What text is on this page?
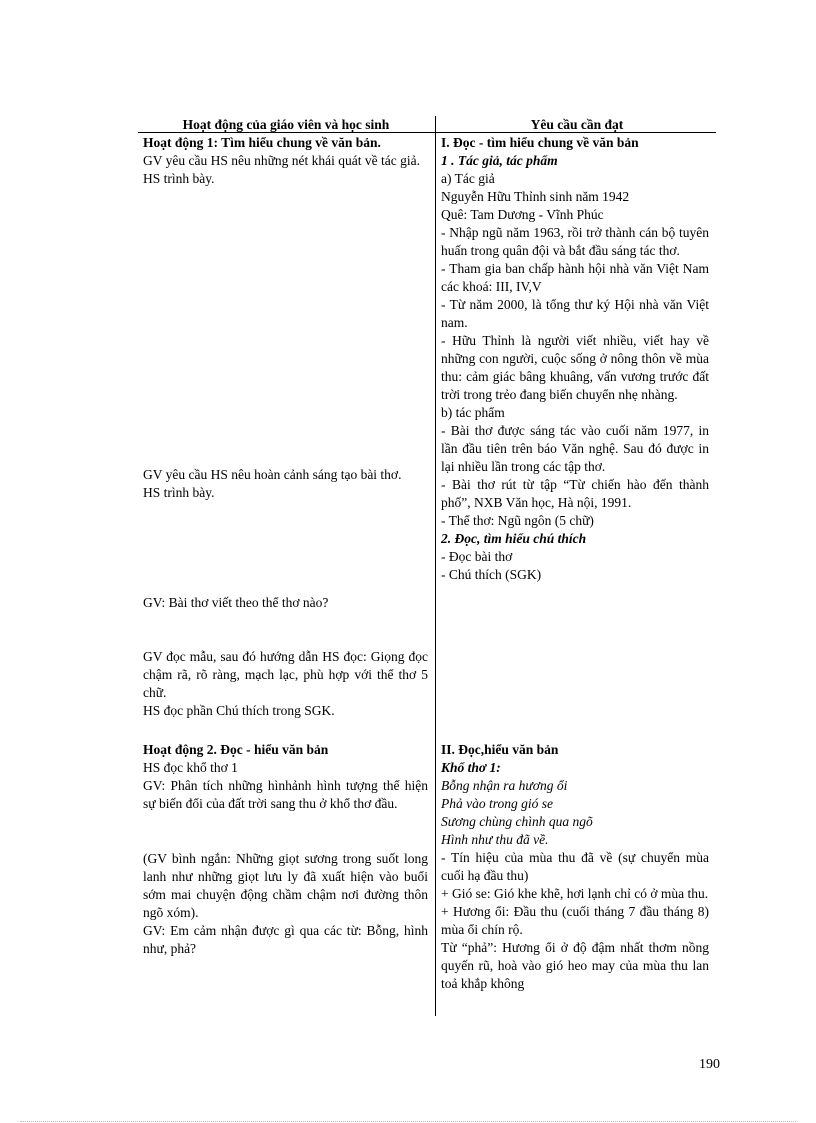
Hoạt động của giáo viên và học sinh	Yêu cầu cần đạt

Hoạt động 1: Tìm hiểu chung về văn bản.

GV yêu cầu HS nêu những nét khái quát về tác giả.

HS trình bày.

GV yêu cầu HS nêu hoàn cảnh sáng tạo bài thơ.

HS trình bày.

GV: Bài thơ viết theo thể thơ nào?

GV đọc mẫu, sau đó hướng dẫn HS đọc: Giọng đọc chậm rã, rõ ràng, mạch lạc, phù hợp với thể thơ 5 chữ.

HS đọc phần Chú thích trong SGK.

Hoạt động 2. Đọc - hiểu văn bản

HS đọc khổ thơ 1

GV: Phân tích những hìnhảnh hình tượng thể hiện sự biến đổi của đất trời sang thu ở khổ thơ đầu.

(GV bình ngắn: Những giọt sương trong suốt long lanh như những giọt lưu ly đã xuất hiện vào buổi sớm mai chuyện động chầm chậm nơi đường thôn ngõ xóm).

GV: Em cảm nhận được gì qua các từ: Bỗng, hình như, phả?

I. Đọc - tìm hiểu chung về văn bản

1 . Tác giả, tác phẩm

a) Tác giả

Nguyễn Hữu Thỉnh sinh năm 1942

Quê: Tam Dương - Vĩnh Phúc

- Nhập ngũ năm 1963, rồi trở thành cán bộ tuyên huấn trong quân đội và bắt đầu sáng tác thơ.

- Tham gia ban chấp hành hội nhà văn Việt Nam các khoá: III, IV,V

- Từ năm 2000, là tổng thư ký Hội nhà văn Việt nam.

- Hữu Thỉnh là người viết nhiều, viết hay về những con người, cuộc sống ở nông thôn về mùa thu: cảm giác bâng khuâng, vấn vương trước đất trời trong trẻo đang biến chuyển nhẹ nhàng.

b) tác phẩm

- Bài thơ được sáng tác vào cuối năm 1977, in lần đầu tiên trên báo Văn nghệ. Sau đó được in lại nhiều lần trong các tập thơ.

- Bài thơ rút từ tập “Từ chiến hào đến thành phố”, NXB Văn học, Hà nội, 1991.

- Thể thơ: Ngũ ngôn (5 chữ)

2. Đọc, tìm hiểu chú thích

- Đọc bài thơ

- Chú thích (SGK)

II. Đọc,hiểu văn bản

Khổ thơ 1:

Bỗng nhận ra hương ổi

Phả vào trong gió se

Sương chùng chình qua ngõ

Hình như thu đã về.

- Tín hiệu của mùa thu đã về (sự chuyển mùa cuối hạ đầu thu)

+ Gió se: Gió khe khẽ, hơi lạnh chỉ có ở mùa thu.

+ Hương ổi: Đầu thu (cuối tháng 7 đầu tháng 8) mùa ổi chín rộ.

Từ “phả”: Hương ổi ở độ đậm nhất thơm nồng quyến rũ, hoà vào gió heo may của mùa thu lan toả khắp không

190
